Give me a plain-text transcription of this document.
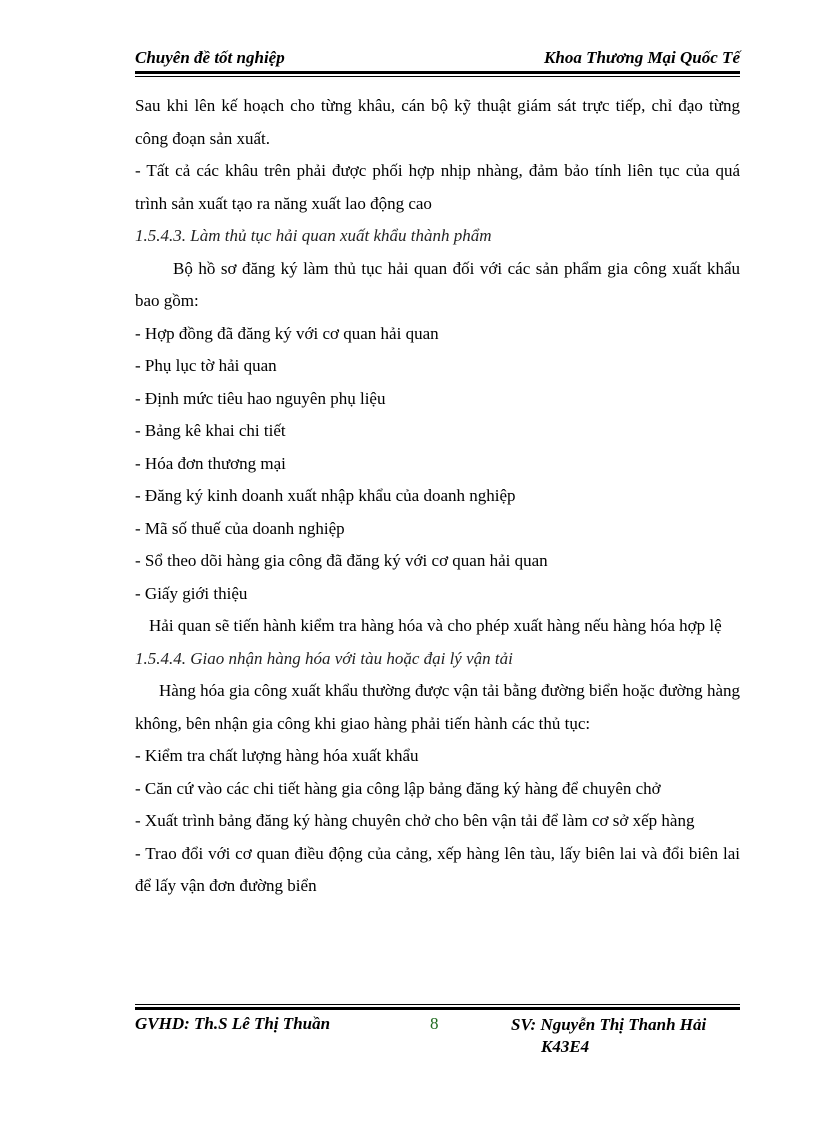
Chuyên đề tốt nghiệp	Khoa Thương Mại Quốc Tế

Sau khi lên kế hoạch cho từng khâu, cán bộ kỹ thuật giám sát trực tiếp, chỉ đạo từng công đoạn sản xuất.

- Tất cả các khâu trên phải được phối hợp nhịp nhàng, đảm bảo tính liên tục của quá trình sản xuất tạo ra năng xuất lao động cao

1.5.4.3. Làm thủ tục hải quan xuất khẩu thành phẩm

Bộ hồ sơ đăng ký làm thủ tục hải quan đối với các sản phẩm gia công xuất khẩu bao gồm:

- Hợp đồng đã đăng ký với cơ quan hải quan

- Phụ lục tờ hải quan

- Định mức tiêu hao nguyên phụ liệu

- Bảng kê khai chi tiết

- Hóa đơn thương mại

- Đăng ký kinh doanh xuất nhập khẩu của doanh nghiệp

- Mã số thuế của doanh nghiệp

- Sổ theo dõi hàng gia công đã đăng ký với cơ quan hải quan

- Giấy giới thiệu

Hải quan sẽ tiến hành kiểm tra hàng hóa và cho phép xuất hàng nếu hàng hóa hợp lệ

1.5.4.4. Giao nhận hàng hóa với tàu hoặc đại lý vận tải

Hàng hóa gia công xuất khẩu thường được vận tải bằng đường biển hoặc đường hàng không, bên nhận gia công khi giao hàng phải tiến hành các thủ tục:

- Kiểm tra chất lượng hàng hóa xuất khẩu

- Căn cứ vào các chi tiết hàng gia công lập bảng đăng ký hàng để chuyên chở

- Xuất trình bảng đăng ký hàng chuyên chở cho bên vận tải để làm cơ sở xếp hàng

- Trao đổi với cơ quan điều động của cảng, xếp hàng lên tàu, lấy biên lai và đổi biên lai để lấy vận đơn đường biển

GVHD: Th.S Lê Thị Thuần	8	SV: Nguyễn Thị Thanh Hải
K43E4
